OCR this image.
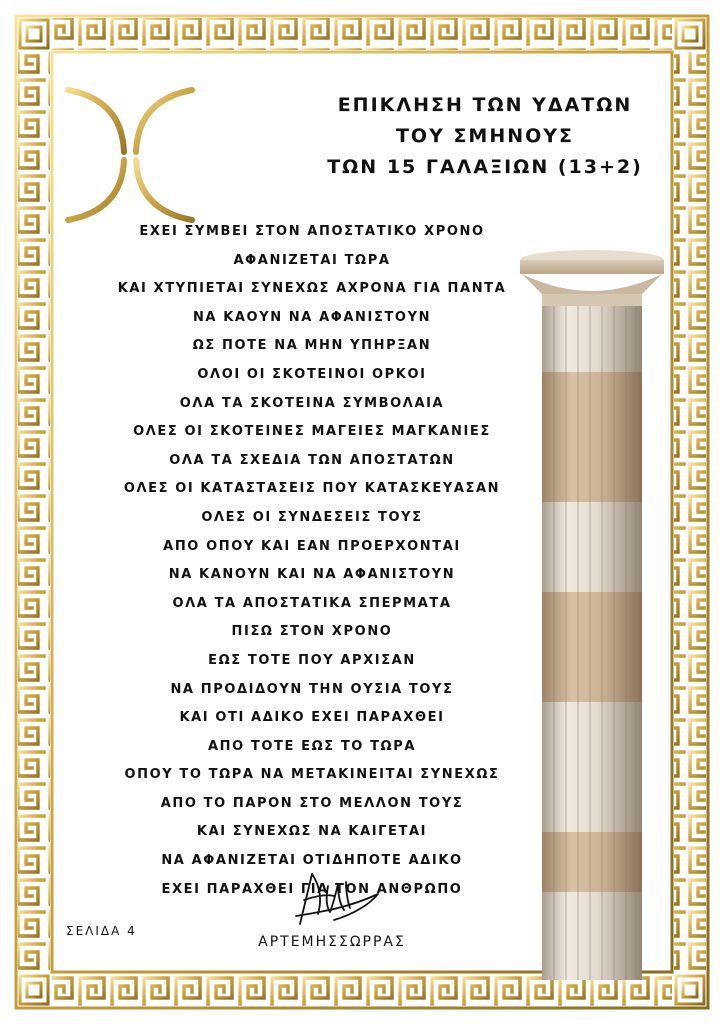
ΕΠΙΚΛΗΣΗ ΤΩΝ ΥΔΑΤΩΝ
ΤΟΥ ΣΜΗΝΟΥΣ
ΤΩΝ 15 ΓΑΛΑΞΙΩΝ (13+2)
ΕΧΕΙ ΣΥΜΒΕΙ ΣΤΟΝ ΑΠΟΣΤΑΤΙΚΟ ΧΡΟΝΟ
ΑΦΑΝΙΖΕΤΑΙ ΤΩΡΑ
ΚΑΙ ΧΤΥΠΙΕΤΑΙ ΣΥΝΕΧΩΣ ΑΧΡΟΝΑ ΓΙΑ ΠΑΝΤΑ
ΝΑ ΚΑΟΥΝ ΝΑ ΑΦΑΝΙΣΤΟΥΝ
ΩΣ ΠΟΤΕ ΝΑ ΜΗΝ ΥΠΗΡΞΑΝ
ΟΛΟΙ ΟΙ ΣΚΟΤΕΙΝΟΙ ΟΡΚΟΙ
ΟΛΑ ΤΑ ΣΚΟΤΕΙΝΑ ΣΥΜΒΟΛΑΙΑ
ΟΛΕΣ ΟΙ ΣΚΟΤΕΙΝΕΣ ΜΑΓΕΙΕΣ ΜΑΓΚΑΝΙΕΣ
ΟΛΑ ΤΑ ΣΧΕΔΙΑ ΤΩΝ ΑΠΟΣΤΑΤΩΝ
ΟΛΕΣ ΟΙ ΚΑΤΑΣΤΑΣΕΙΣ ΠΟΥ ΚΑΤΑΣΚΕΥΑΣΑΝ
ΟΛΕΣ ΟΙ ΣΥΝΔΕΣΕΙΣ ΤΟΥΣ
ΑΠΟ ΟΠΟΥ ΚΑΙ ΕΑΝ ΠΡΟΕΡΧΟΝΤΑΙ
ΝΑ ΚΑΝΟΥΝ ΚΑΙ ΝΑ ΑΦΑΝΙΣΤΟΥΝ
ΟΛΑ ΤΑ ΑΠΟΣΤΑΤΙΚΑ ΣΠΕΡΜΑΤΑ
ΠΙΣΩ ΣΤΟΝ ΧΡΟΝΟ
ΕΩΣ ΤΟΤΕ ΠΟΥ ΑΡΧΙΣΑΝ
ΝΑ ΠΡΟΔΙΔΟΥΝ ΤΗΝ ΟΥΣΙΑ ΤΟΥΣ
ΚΑΙ ΟΤΙ ΑΔΙΚΟ ΕΧΕΙ ΠΑΡΑΧΘΕΙ
ΑΠΟ ΤΟΤΕ ΕΩΣ ΤΟ ΤΩΡΑ
ΟΠΟΥ ΤΟ ΤΩΡΑ ΝΑ ΜΕΤΑΚΙΝΕΙΤΑΙ ΣΥΝΕΧΩΣ
ΑΠΟ ΤΟ ΠΑΡΟΝ ΣΤΟ ΜΕΛΛΟΝ ΤΟΥΣ
ΚΑΙ ΣΥΝΕΧΩΣ ΝΑ ΚΑΙΓΕΤΑΙ
ΝΑ ΑΦΑΝΙΖΕΤΑΙ ΟΤΙΔΗΠΟΤΕ ΑΔΙΚΟ
ΕΧΕΙ ΠΑΡΑΧΘΕΙ ΓΙΑ ΤΟΝ ΑΝΘΡΩΠΟ
ΣΕΛΙΔΑ 4
ΑΡΤΕΜΗΣΣΩΡΡΑΣ
